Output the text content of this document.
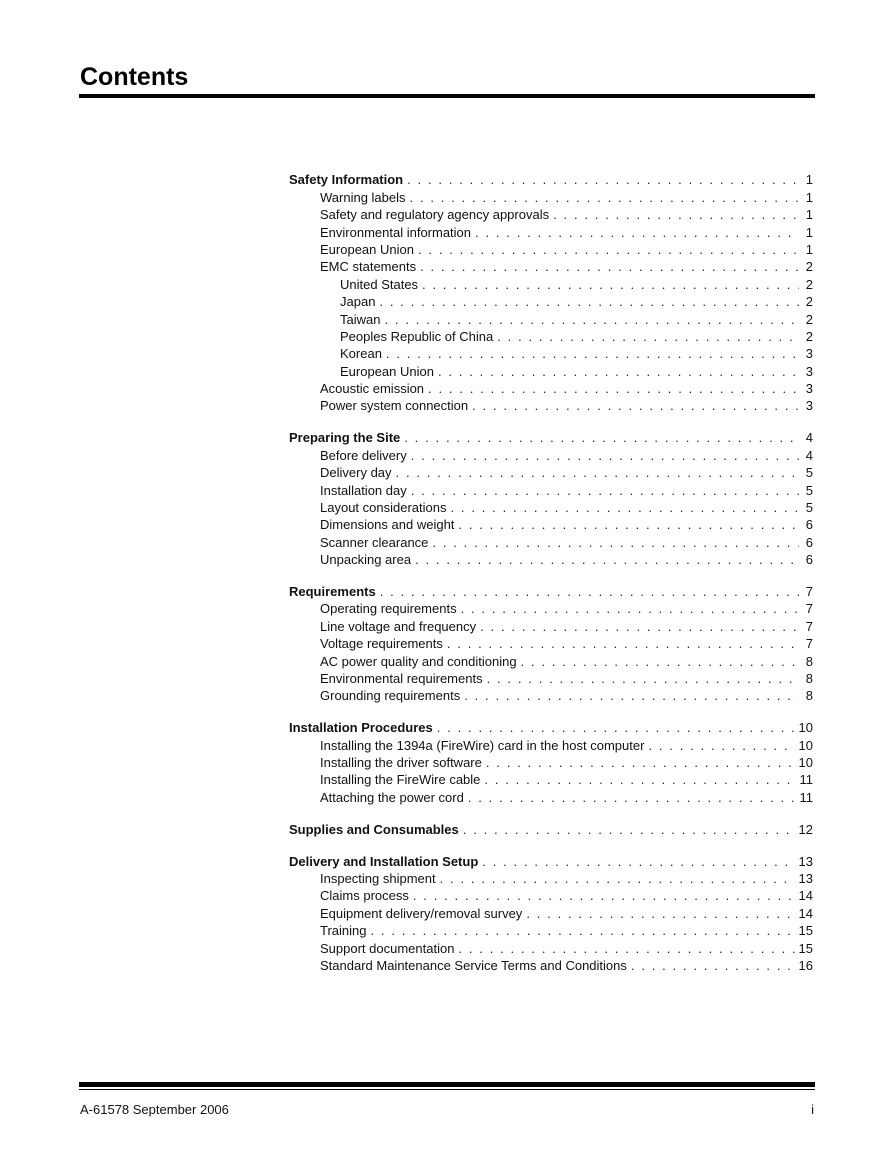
Contents
Safety Information . . .	1
Warning labels . . .	1
Safety and regulatory agency approvals . . .	1
Environmental information . . .	1
European Union . . .	1
EMC statements . . .	2
United States . . .	2
Japan . . .	2
Taiwan . . .	2
Peoples Republic of China . . .	2
Korean . . .	3
European Union . . .	3
Acoustic emission . . .	3
Power system connection . . .	3
Preparing the Site . . .	4
Before delivery . . .	4
Delivery day . . .	5
Installation day . . .	5
Layout considerations . . .	5
Dimensions and weight . . .	6
Scanner clearance . . .	6
Unpacking area . . .	6
Requirements . . .	7
Operating requirements . . .	7
Line voltage and frequency . . .	7
Voltage requirements . . .	7
AC power quality and conditioning . . .	8
Environmental requirements . . .	8
Grounding requirements . . .	8
Installation Procedures . . .	10
Installing the 1394a (FireWire) card in the host computer . . .	10
Installing the driver software . . .	10
Installing the FireWire cable . . .	11
Attaching the power cord . . .	11
Supplies and Consumables . . .	12
Delivery and Installation Setup . . .	13
Inspecting shipment . . .	13
Claims process . . .	14
Equipment delivery/removal survey . . .	14
Training . . .	15
Support documentation . . .	15
Standard Maintenance Service Terms and Conditions . . .	16
A-61578 September 2006	i
